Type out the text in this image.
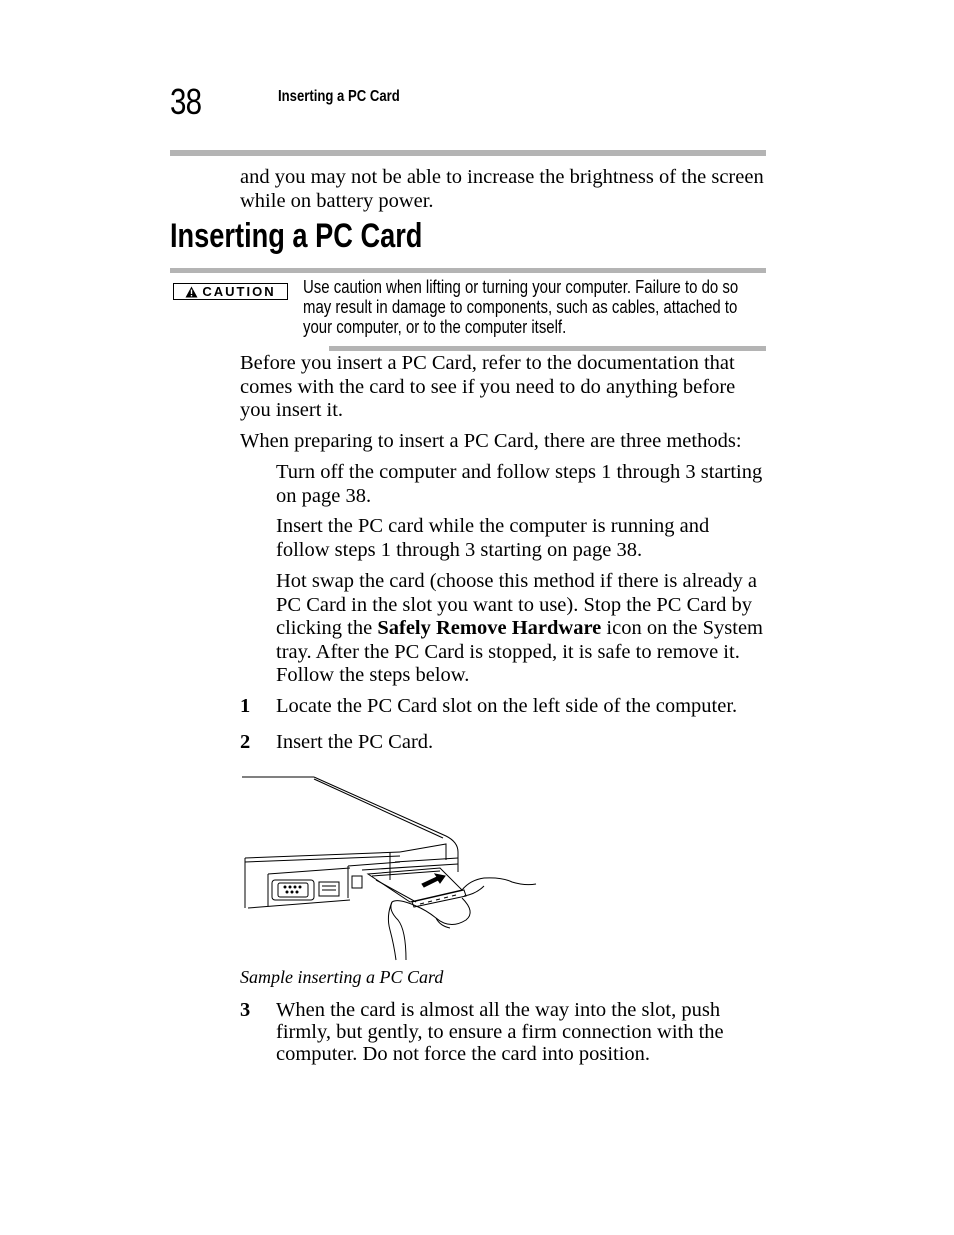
38	Inserting a PC Card
and you may not be able to increase the brightness of the screen while on battery power.
Inserting a PC Card
CAUTION Use caution when lifting or turning your computer. Failure to do so may result in damage to components, such as cables, attached to your computer, or to the computer itself.
Before you insert a PC Card, refer to the documentation that comes with the card to see if you need to do anything before you insert it.
When preparing to insert a PC Card, there are three methods:
Turn off the computer and follow steps 1 through 3 starting on page 38.
Insert the PC card while the computer is running and follow steps 1 through 3 starting on page 38.
Hot swap the card (choose this method if there is already a PC Card in the slot you want to use). Stop the PC Card by clicking the Safely Remove Hardware icon on the System tray. After the PC Card is stopped, it is safe to remove it. Follow the steps below.
1 Locate the PC Card slot on the left side of the computer.
2 Insert the PC Card.
Sample inserting a PC Card
3 When the card is almost all the way into the slot, push firmly, but gently, to ensure a firm connection with the computer. Do not force the card into position.
